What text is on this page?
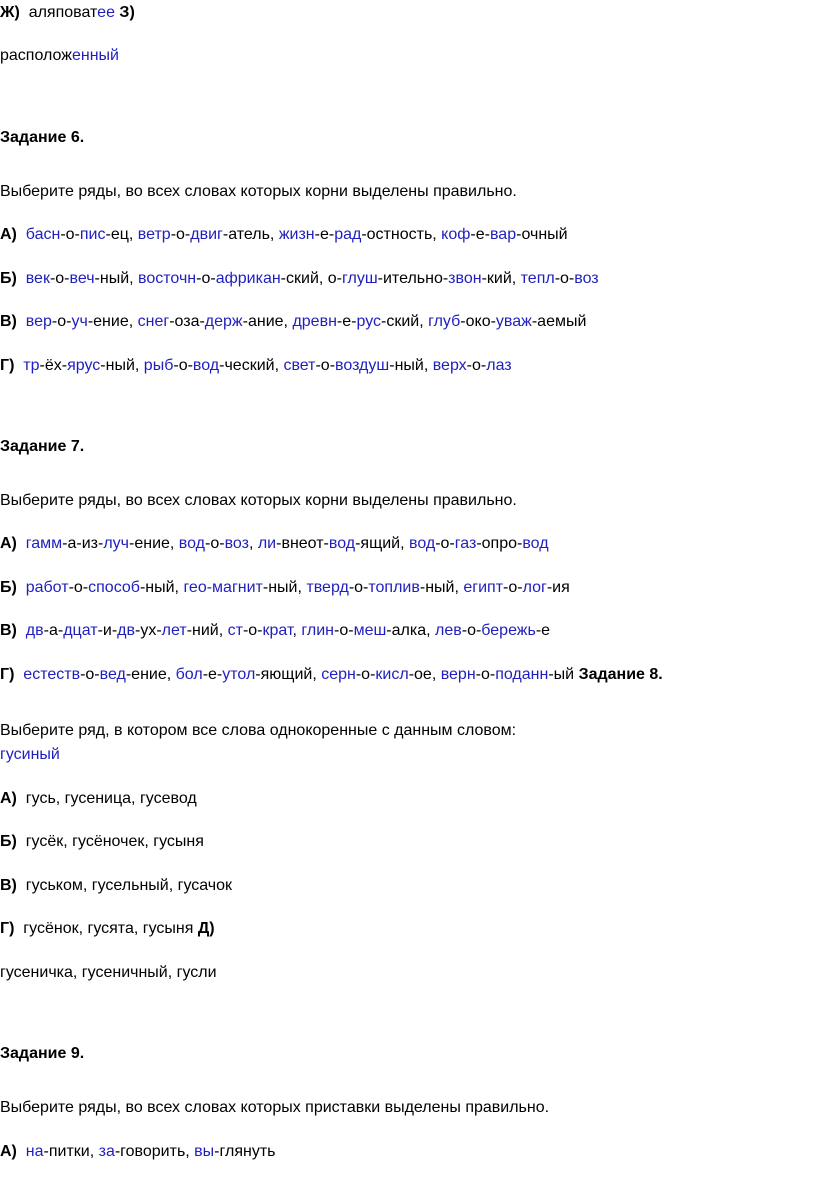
Ж)  аляповатее З)
расположенный
Задание 6.
Выберите ряды, во всех словах которых корни выделены правильно.
А) басн-о-пис-ец, ветр-о-двиг-атель, жизн-е-рад-остность, коф-е-вар-очный
Б) век-о-веч-ный, восточн-о-африкан-ский, о-глуш-ительно-звон-кий, тепл-о-воз
В) вер-о-уч-ение, снег-оза-держ-ание, древн-е-рус-ский, глуб-око-уваж-аемый
Г) тр-ёх-ярус-ный, рыб-о-вод-ческий, свет-о-воздуш-ный, верх-о-лаз
Задание 7.
Выберите ряды, во всех словах которых корни выделены правильно.
А) гамм-а-из-луч-ение, вод-о-воз, ли-внеот-вод-ящий, вод-о-газ-опро-вод
Б) работ-о-способ-ный, гео-магнит-ный, тверд-о-топлив-ный, египт-о-лог-ия
В) дв-а-дцат-и-дв-ух-лет-ний, ст-о-крат, глин-о-меш-алка, лев-о-бережь-е
Г) естеств-о-вед-ение, бол-е-утол-яющий, серн-о-кисл-ое, верн-о-поданн-ый Задание 8.
Выберите ряд, в котором все слова однокоренные с данным словом:
гусиный
А)  гусь, гусеница, гусевод
Б)  гусёк, гусёночек, гусыня
В)  гуськом, гусельный, гусачок
Г)  гусёнок, гусята, гусыня Д)
гусеничка, гусеничный, гусли
Задание 9.
Выберите ряды, во всех словах которых приставки выделены правильно.
А) на-питки, за-говорить, вы-глянуть
